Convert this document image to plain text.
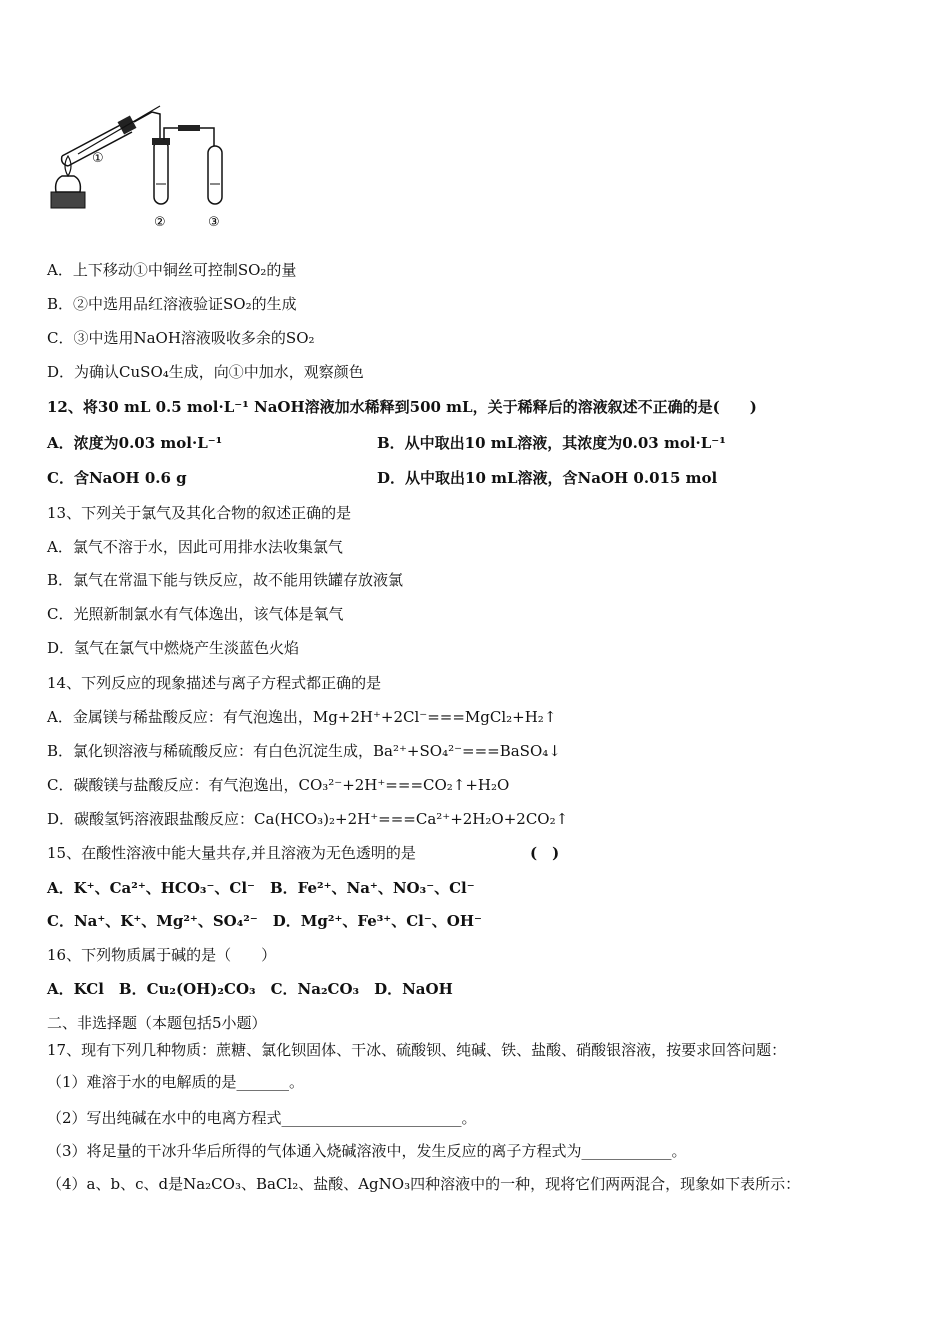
①
②	③
A．上下移动①中铜丝可控制SO₂的量
B．②中选用品红溶液验证SO₂的生成
C．③中选用NaOH溶液吸收多余的SO₂
D．为确认CuSO₄生成，向①中加水，观察颜色
12、将30 mL 0.5 mol·L⁻¹ NaOH溶液加水稀释到500 mL，关于稀释后的溶液叙述不正确的是(　　)
A．浓度为0.03 mol·L⁻¹	B．从中取出10 mL溶液，其浓度为0.03 mol·L⁻¹
C．含NaOH 0.6 g	D．从中取出10 mL溶液，含NaOH 0.015 mol
13、下列关于氯气及其化合物的叙述正确的是
A．氯气不溶于水，因此可用排水法收集氯气
B．氯气在常温下能与铁反应，故不能用铁罐存放液氯
C．光照新制氯水有气体逸出，该气体是氧气
D．氢气在氯气中燃烧产生淡蓝色火焰
14、下列反应的现象描述与离子方程式都正确的是
A．金属镁与稀盐酸反应：有气泡逸出，Mg+2H⁺+2Cl⁻===MgCl₂+H₂↑
B．氯化钡溶液与稀硫酸反应：有白色沉淀生成，Ba²⁺+SO₄²⁻===BaSO₄↓
C．碳酸镁与盐酸反应：有气泡逸出，CO₃²⁻+2H⁺===CO₂↑+H₂O
D．碳酸氢钙溶液跟盐酸反应：Ca(HCO₃)₂+2H⁺===Ca²⁺+2H₂O+2CO₂↑
15、在酸性溶液中能大量共存,并且溶液为无色透明的是	(　)
A．K⁺、Ca²⁺、HCO₃⁻、Cl⁻　B．Fe²⁺、Na⁺、NO₃⁻、Cl⁻
C．Na⁺、K⁺、Mg²⁺、SO₄²⁻　D．Mg²⁺、Fe³⁺、Cl⁻、OH⁻
16、下列物质属于碱的是（　　）
A．KCl　B．Cu₂(OH)₂CO₃　C．Na₂CO₃　D．NaOH
二、非选择题（本题包括5小题）
17、现有下列几种物质：蔗糖、氯化钡固体、干冰、硫酸钡、纯碱、铁、盐酸、硝酸银溶液，按要求回答问题：
（1）难溶于水的电解质的是_______。
（2）写出纯碱在水中的电离方程式________________________。
（3）将足量的干冰升华后所得的气体通入烧碱溶液中，发生反应的离子方程式为____________。
（4）a、b、c、d是Na₂CO₃、BaCl₂、盐酸、AgNO₃四种溶液中的一种，现将它们两两混合，现象如下表所示：
